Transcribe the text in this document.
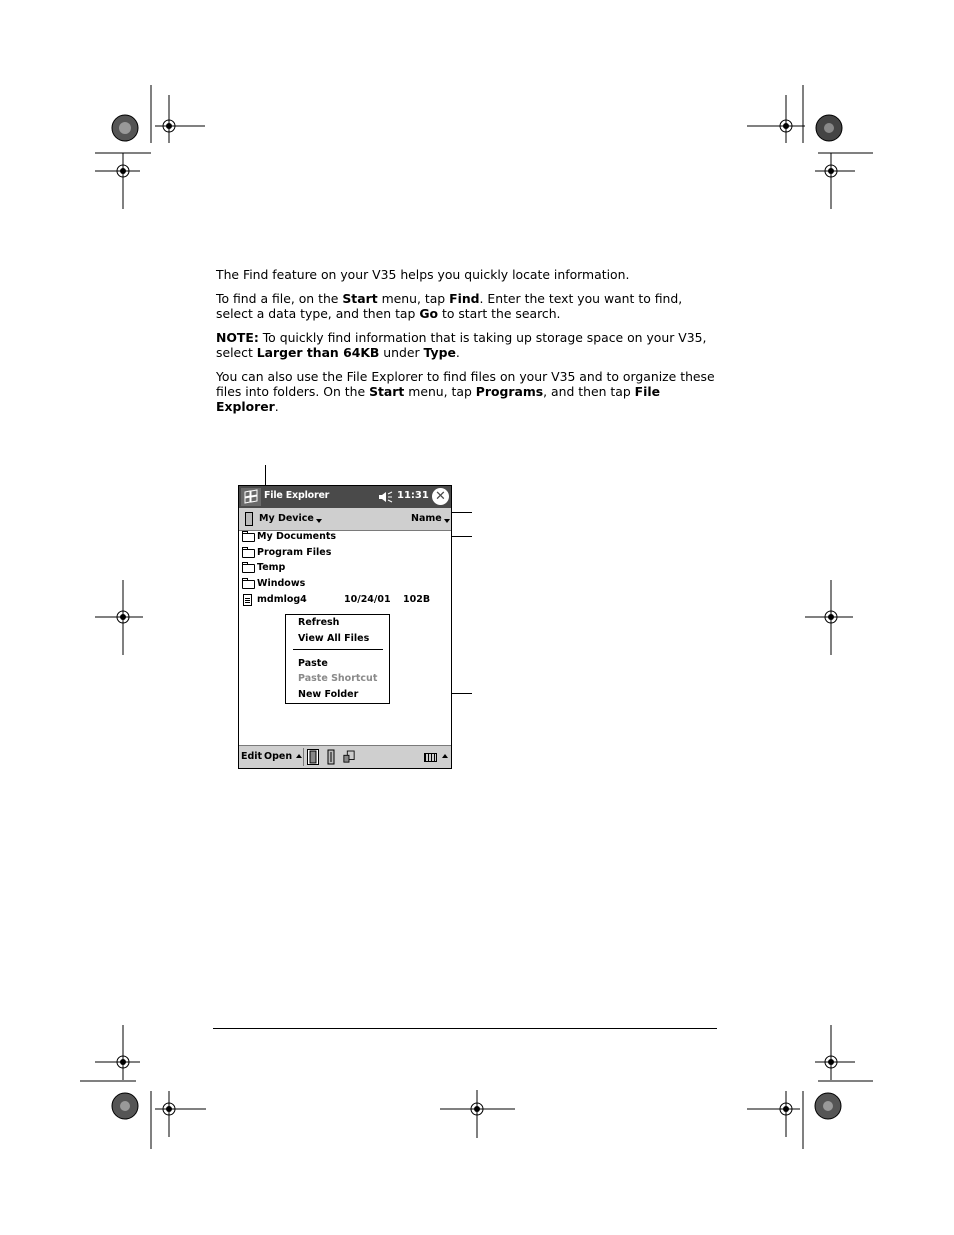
The Find feature on your V35 helps you quickly locate information.

To find a file, on the Start menu, tap Find. Enter the text you want to find, select a data type, and then tap Go to start the search.

NOTE: To quickly find information that is taking up storage space on your V35, select Larger than 64KB under Type.

You can also use the File Explorer to find files on your V35 and to organize these files into folders. On the Start menu, tap Programs, and then tap File Explorer.

File Explorer	11:31 ✕
My Device	Name
My Documents
Program Files
Temp
Windows
mdmlog4	10/24/01 102B
Refresh
View All Files
Paste
Paste Shortcut
New Folder
Edit Open
